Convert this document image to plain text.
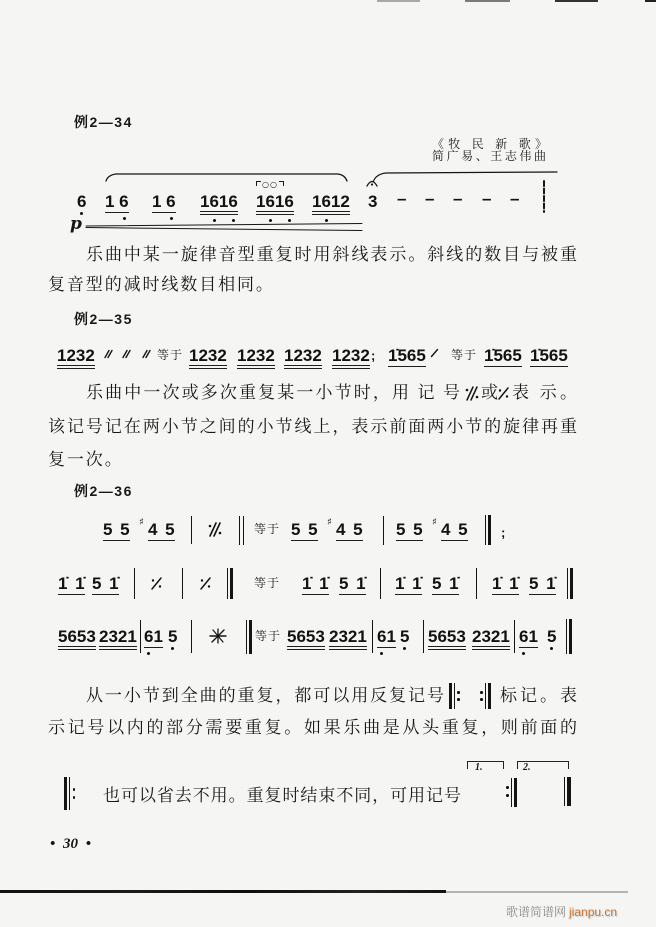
例2—34
《牧 民 新 歌》
简广易、王志伟曲
6 1 6 1 6 1616 1616 1612 3
○○
– – – – –
p
乐曲中某一旋律音型重复时用斜线表示。斜线的数目与被重
复音型的减时线数目相同。
例2—35
1232	等于 1232 1232 1232 1232 ; 1̇565 等于 1̇565 1̇565
乐曲中一次或多次重复某一小节时，用 记 号 或 表 示。
该记号记在两小节之间的小节线上，表示前面两小节的旋律再重
复一次。
例2—36
5 5 ♯ 4 5	等于 5 5 ♯ 4 5 5 5 ♯ 4 5	;
1̇ 1̇ 5 1̇	等于 1̇ 1̇ 5 1̇ 1̇ 1̇ 5 1̇ 1̇ 1̇ 5 1̇
5653 2321 61 5	等于 5653 2321 61 5 5653 2321 61 5
从一小节到全曲的重复，都可以用反复记号	标记。表
示记号以内的部分需要重复。如果乐曲是从头重复，则前面的
也可以省去不用。重复时结束不同，可用记号
1.	2.
• 30 •
歌谱简谱网 jianpu.cn
